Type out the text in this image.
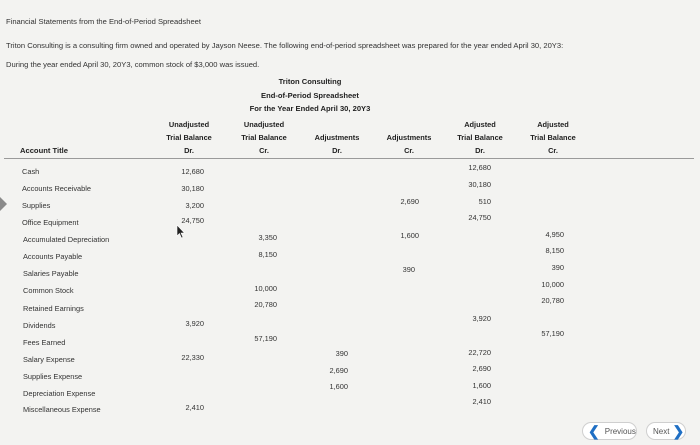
Financial Statements from the End-of-Period Spreadsheet
Triton Consulting is a consulting firm owned and operated by Jayson Neese. The following end-of-period spreadsheet was prepared for the year ended April 30, 20Y3:
During the year ended April 30, 20Y3, common stock of $3,000 was issued.
Triton Consulting
End-of-Period Spreadsheet
For the Year Ended April 30, 20Y3
Unadjusted
Trial Balance
Dr.
Unadjusted
Trial Balance
Cr.

Adjustments
Dr.

Adjustments
Cr.
Adjusted
Trial Balance
Dr.
Adjusted
Trial Balance
Cr.
Account Title
Cash
Accounts Receivable
Supplies
Office Equipment
Accumulated Depreciation
Accounts Payable
Salaries Payable
Common Stock
Retained Earnings
Dividends
Fees Earned
Salary Expense
Supplies Expense
Depreciation Expense
Miscellaneous Expense
12,680
30,180
3,200
24,750
3,920
22,330
2,410
3,350
8,150
10,000
20,780
57,190
390
2,690
1,600
2,690
1,600
390
12,680
30,180
510
24,750
3,920
22,720
2,690
1,600
2,410
4,950
8,150
390
10,000
20,780
57,190
❮ Previous Next ❯
